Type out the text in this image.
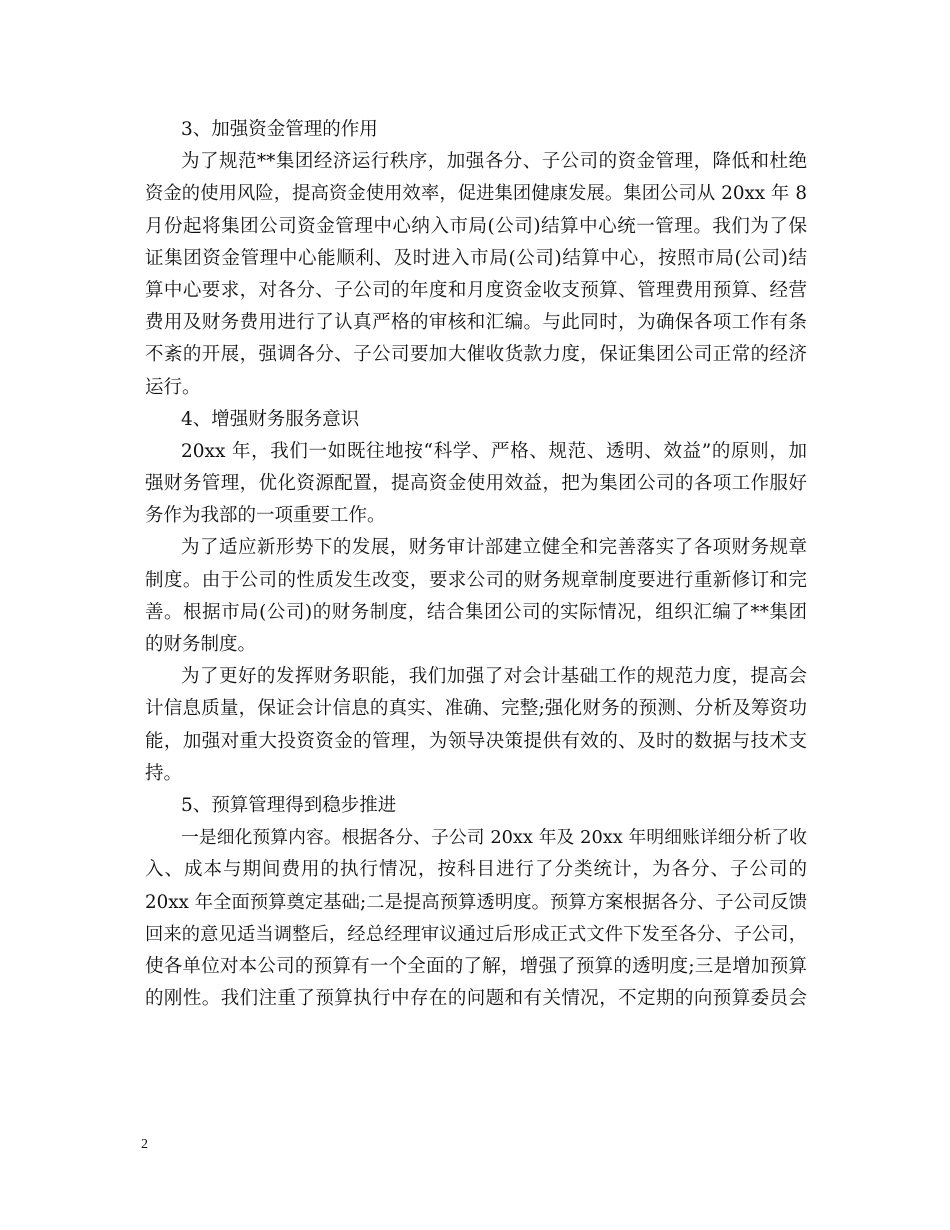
3、加强资金管理的作用
为了规范**集团经济运行秩序，加强各分、子公司的资金管理，降低和杜绝
资金的使用风险，提高资金使用效率，促进集团健康发展。集团公司从 20xx 年 8
月份起将集团公司资金管理中心纳入市局(公司)结算中心统一管理。我们为了保
证集团资金管理中心能顺利、及时进入市局(公司)结算中心，按照市局(公司)结
算中心要求，对各分、子公司的年度和月度资金收支预算、管理费用预算、经营
费用及财务费用进行了认真严格的审核和汇编。与此同时，为确保各项工作有条
不紊的开展，强调各分、子公司要加大催收货款力度，保证集团公司正常的经济
运行。
4、增强财务服务意识
20xx 年，我们一如既往地按“科学、严格、规范、透明、效益”的原则，加
强财务管理，优化资源配置，提高资金使用效益，把为集团公司的各项工作服好
务作为我部的一项重要工作。
为了适应新形势下的发展，财务审计部建立健全和完善落实了各项财务规章
制度。由于公司的性质发生改变，要求公司的财务规章制度要进行重新修订和完
善。根据市局(公司)的财务制度，结合集团公司的实际情况，组织汇编了**集团
的财务制度。
为了更好的发挥财务职能，我们加强了对会计基础工作的规范力度，提高会
计信息质量，保证会计信息的真实、准确、完整;强化财务的预测、分析及筹资功
能，加强对重大投资资金的管理，为领导决策提供有效的、及时的数据与技术支
持。
5、预算管理得到稳步推进
一是细化预算内容。根据各分、子公司 20xx 年及 20xx 年明细账详细分析了收
入、成本与期间费用的执行情况，按科目进行了分类统计，为各分、子公司的
20xx 年全面预算奠定基础;二是提高预算透明度。预算方案根据各分、子公司反馈
回来的意见适当调整后，经总经理审议通过后形成正式文件下发至各分、子公司，
使各单位对本公司的预算有一个全面的了解，增强了预算的透明度;三是增加预算
的刚性。我们注重了预算执行中存在的问题和有关情况，不定期的向预算委员会
2
